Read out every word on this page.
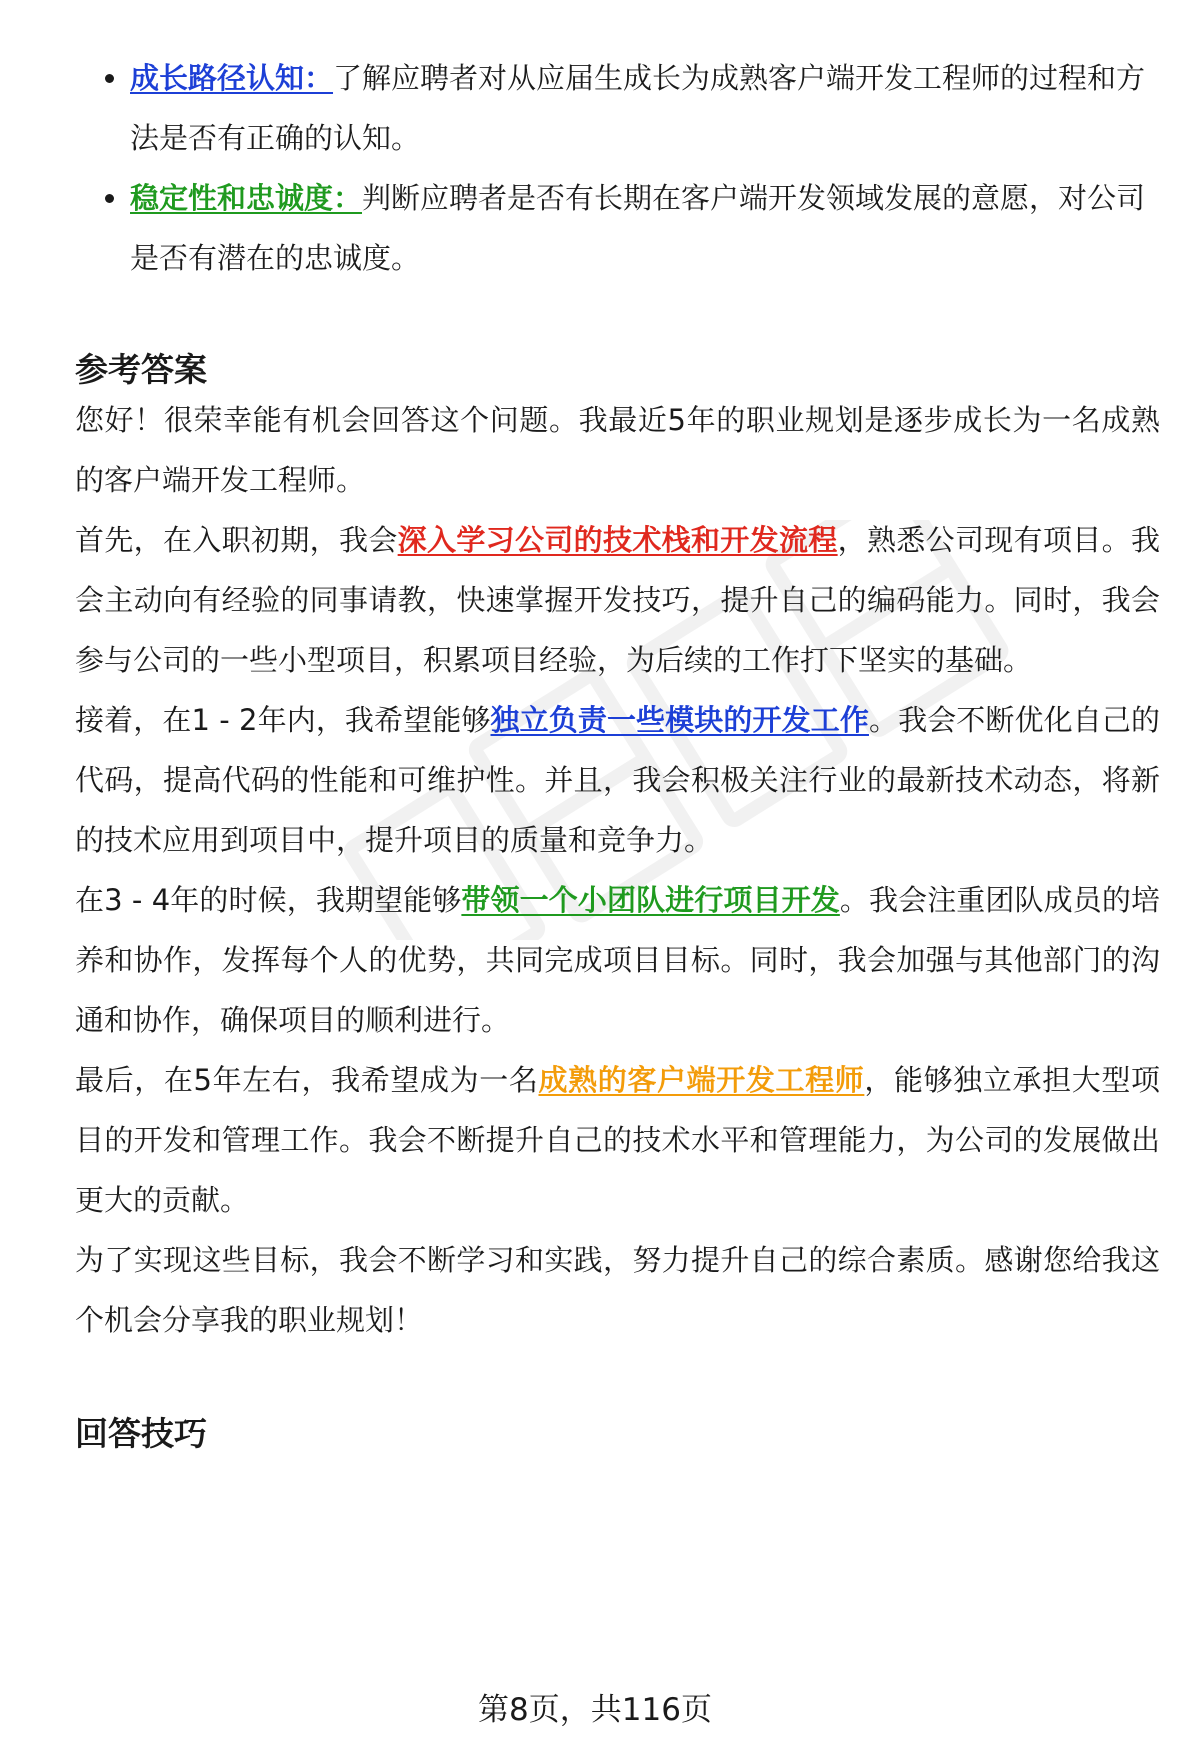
成长路径认知：了解应聘者对从应届生成长为成熟客户端开发工程师的过程和方法是否有正确的认知。
稳定性和忠诚度：判断应聘者是否有长期在客户端开发领域发展的意愿，对公司是否有潜在的忠诚度。
参考答案

您好！很荣幸能有机会回答这个问题。我最近5年的职业规划是逐步成长为一名成熟的客户端开发工程师。

首先，在入职初期，我会深入学习公司的技术栈和开发流程，熟悉公司现有项目。我会主动向有经验的同事请教，快速掌握开发技巧，提升自己的编码能力。同时，我会参与公司的一些小型项目，积累项目经验，为后续的工作打下坚实的基础。

接着，在1 - 2年内，我希望能够独立负责一些模块的开发工作。我会不断优化自己的代码，提高代码的性能和可维护性。并且，我会积极关注行业的最新技术动态，将新的技术应用到项目中，提升项目的质量和竞争力。

在3 - 4年的时候，我期望能够带领一个小团队进行项目开发。我会注重团队成员的培养和协作，发挥每个人的优势，共同完成项目目标。同时，我会加强与其他部门的沟通和协作，确保项目的顺利进行。

最后，在5年左右，我希望成为一名成熟的客户端开发工程师，能够独立承担大型项目的开发和管理工作。我会不断提升自己的技术水平和管理能力，为公司的发展做出更大的贡献。

为了实现这些目标，我会不断学习和实践，努力提升自己的综合素质。感谢您给我这个机会分享我的职业规划！

回答技巧
第8页，共116页
